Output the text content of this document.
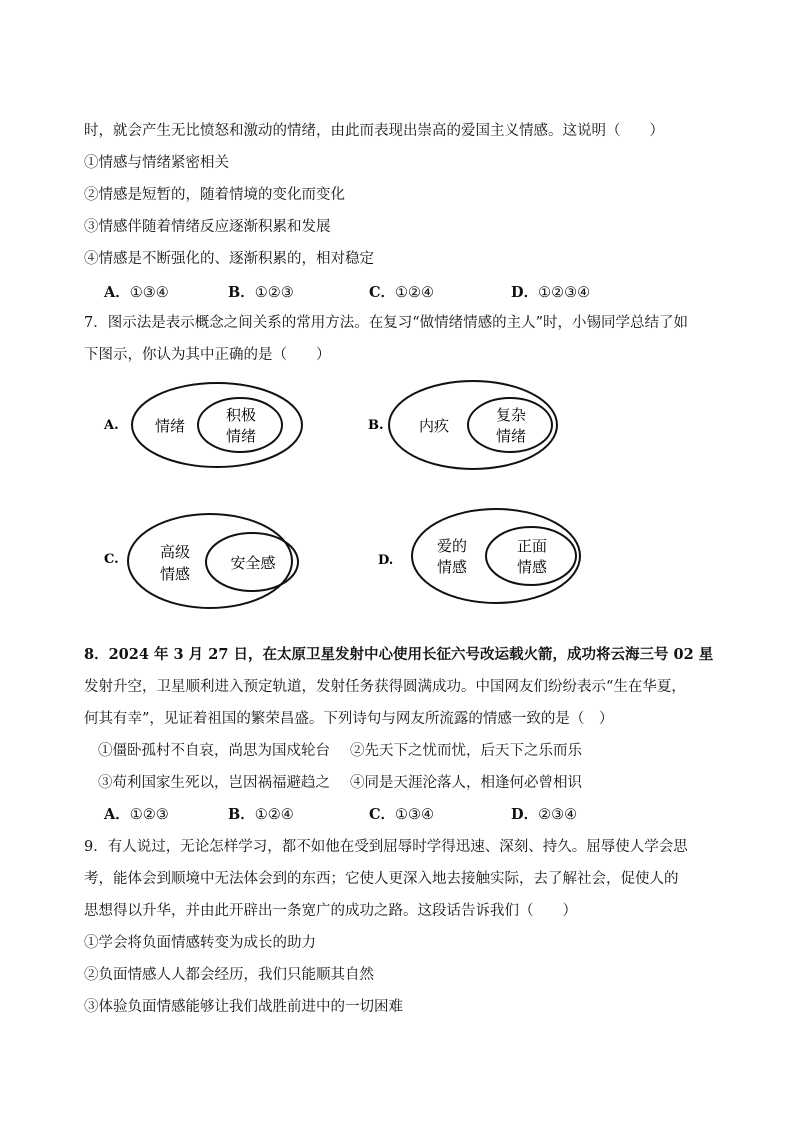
时，就会产生无比愤怒和激动的情绪，由此而表现出崇高的爱国主义情感。这说明（　　）
①情感与情绪紧密相关
②情感是短暂的，随着情境的变化而变化
③情感伴随着情绪反应逐渐积累和发展
④情感是不断强化的、逐渐积累的，相对稳定
A．①③④	B．①②③	C．①②④	D．①②③④
7．图示法是表示概念之间关系的常用方法。在复习“做情绪情感的主人”时，小锡同学总结了如
下图示，你认为其中正确的是（　　）
A. 情绪
积极
情绪
B. 内疚
复杂
情绪
C.	高级
情感
安全感	D.
爱的
情感
正面
情感
8．2024 年 3 月 27 日，在太原卫星发射中心使用长征六号改运载火箭，成功将云海三号 02 星
发射升空，卫星顺利进入预定轨道，发射任务获得圆满成功。中国网友们纷纷表示“生在华夏，
何其有幸”，见证着祖国的繁荣昌盛。下列诗句与网友所流露的情感一致的是（　）
①僵卧孤村不自哀，尚思为国戍轮台 ②先天下之忧而忧，后天下之乐而乐
③苟利国家生死以，岂因祸福避趋之 ④同是天涯沦落人，相逢何必曾相识
A．①②③	B．①②④	C．①③④	D．②③④
9．有人说过，无论怎样学习，都不如他在受到屈辱时学得迅速、深刻、持久。屈辱使人学会思
考，能体会到顺境中无法体会到的东西；它使人更深入地去接触实际，去了解社会，促使人的
思想得以升华，并由此开辟出一条宽广的成功之路。这段话告诉我们（　　）
①学会将负面情感转变为成长的助力
②负面情感人人都会经历，我们只能顺其自然
③体验负面情感能够让我们战胜前进中的一切困难
